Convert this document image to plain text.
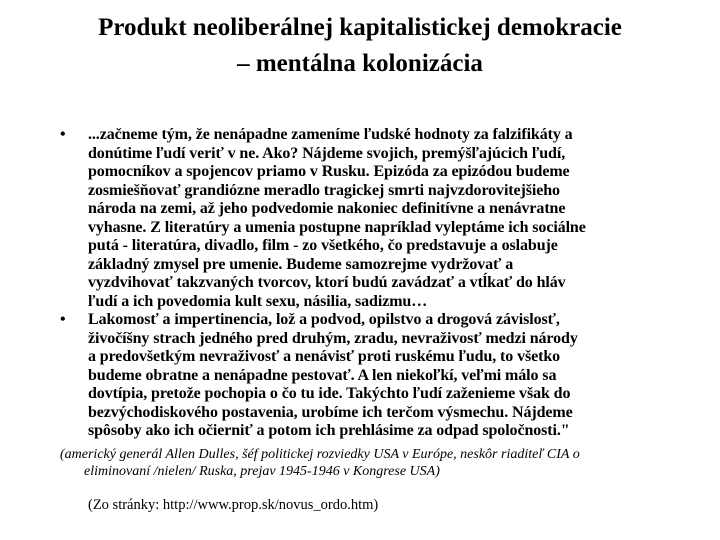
Produkt neoliberálnej kapitalistickej demokracie
– mentálna kolonizácia
• ...začneme tým, že nenápadne zameníme ľudské hodnoty za falzifikáty a
donútime ľudí veriť v ne. Ako? Nájdeme svojich, premýšľajúcich ľudí,
pomocníkov a spojencov priamo v Rusku. Epizóda za epizódou budeme
zosmiešňovať grandiózne meradlo tragickej smrti najvzdorovitejšieho
národa na zemi, až jeho podvedomie nakoniec definitívne a nenávratne
vyhasne. Z literatúry a umenia postupne napríklad vyleptáme ich sociálne
putá - literatúra, divadlo, film - zo všetkého, čo predstavuje a oslabuje
základný zmysel pre umenie. Budeme samozrejme vydržovať a
vyzdvihovať takzvaných tvorcov, ktorí budú zavádzať a vtĺkať do hláv
ľudí a ich povedomia kult sexu, násilia, sadizmu…

• Lakomosť a impertinencia, lož a podvod, opilstvo a drogová závislosť,
živočíšny strach jedného pred druhým, zradu, nevraživosť medzi národy
a predovšetkým nevraživosť a nenávisť proti ruskému ľudu, to všetko
budeme obratne a nenápadne pestovať. A len niekoľkí, veľmi málo sa
dovtípia, pretože pochopia o čo tu ide. Takýchto ľudí zaženieme však do
bezvýchodiskového postavenia, urobíme ich terčom výsmechu. Nájdeme
spôsoby ako ich očierniť a potom ich prehlásime za odpad spoločnosti."

(americký generál Allen Dulles, šéf politickej rozviedky USA v Európe, neskôr riaditeľ CIA o
eliminovaní /nielen/ Ruska, prejav 1945-1946 v Kongrese USA)
(Zo stránky: http://www.prop.sk/novus_ordo.htm)
